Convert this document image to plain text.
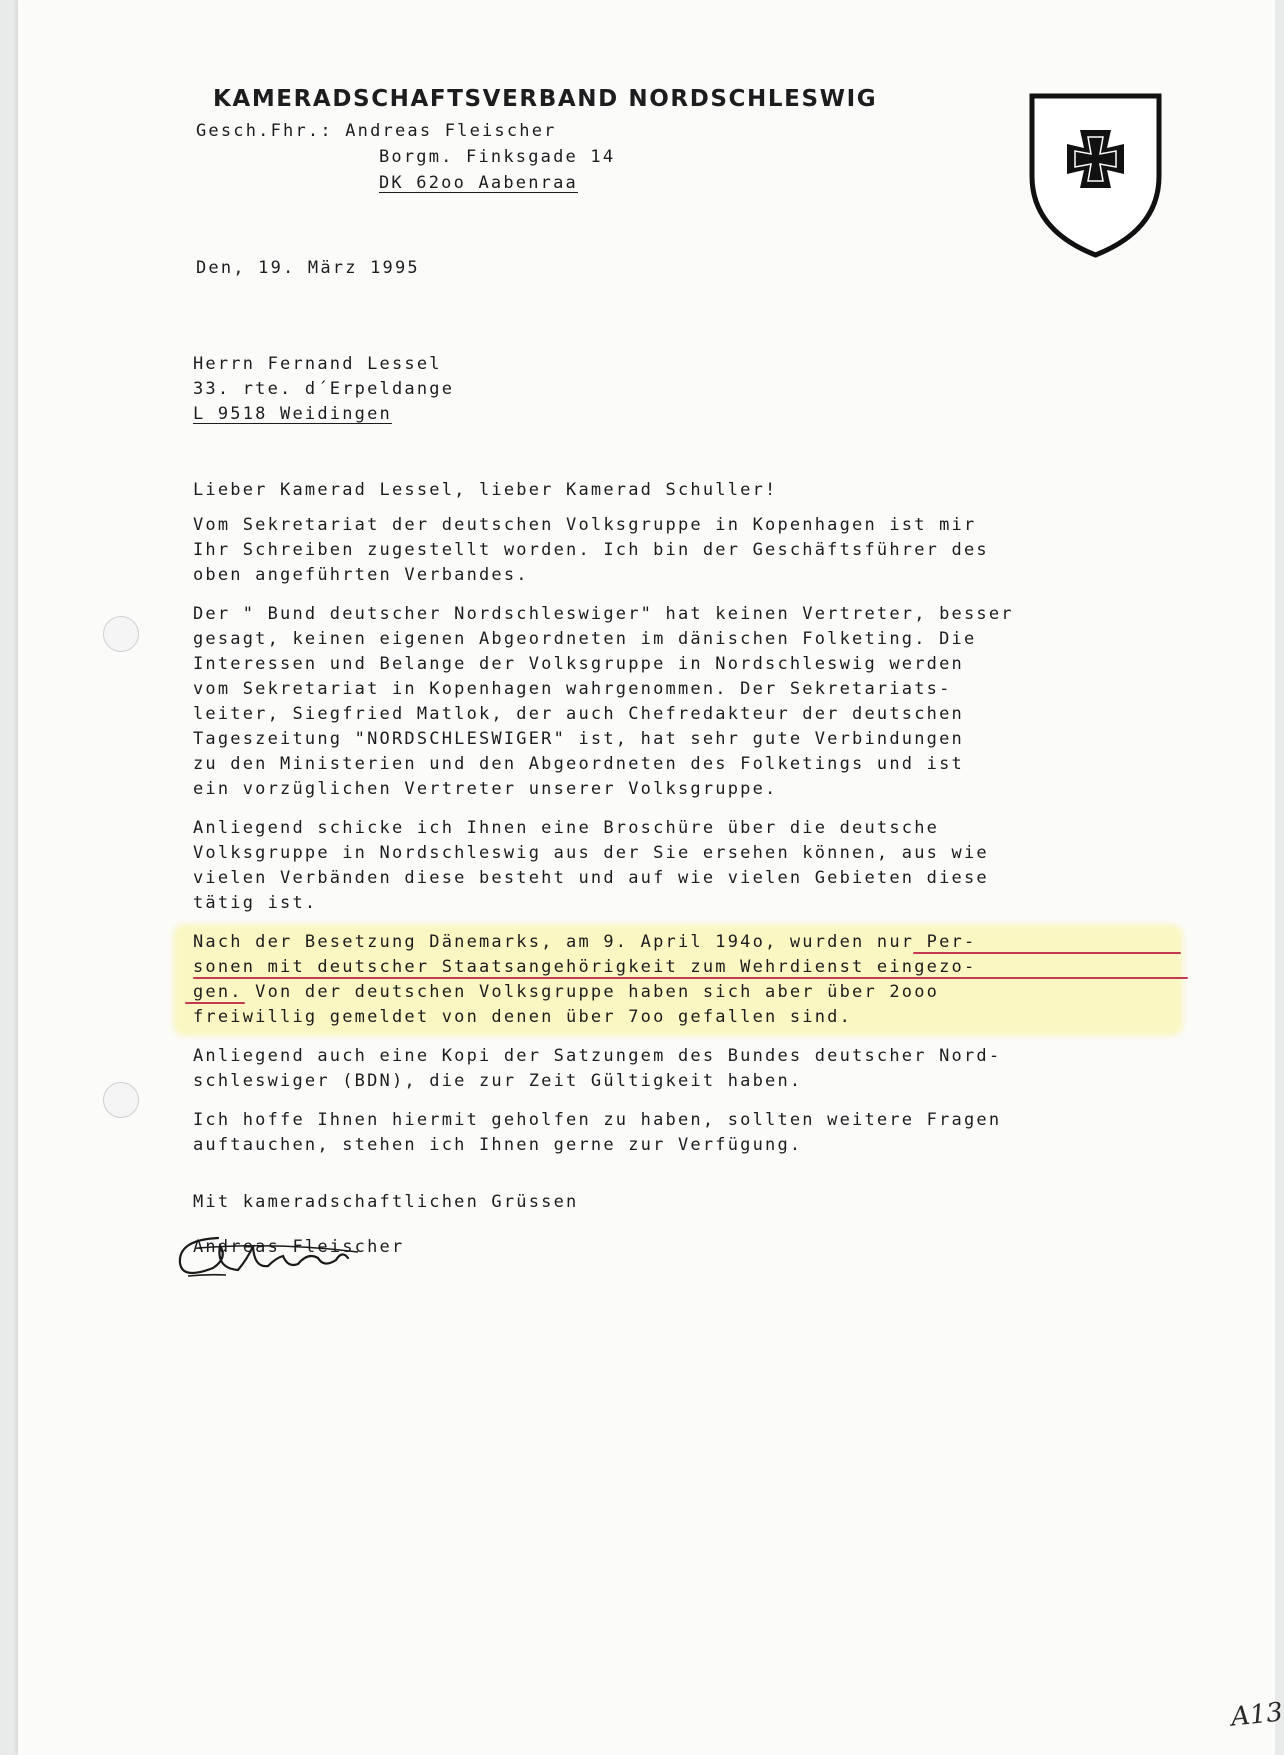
KAMERADSCHAFTSVERBAND NORDSCHLESWIG
Gesch.Fhr.: Andreas Fleischer
Borgm. Finksgade 14
DK 62oo Aabenraa
Den, 19. März 1995
Herrn Fernand Lessel
33. rte. d´Erpeldange
L 9518 Weidingen
Lieber Kamerad Lessel, lieber Kamerad Schuller!
Vom Sekretariat der deutschen Volksgruppe in Kopenhagen ist mir
Ihr Schreiben zugestellt worden. Ich bin der Geschäftsführer des
oben angeführten Verbandes.
Der " Bund deutscher Nordschleswiger" hat keinen Vertreter, besser
gesagt, keinen eigenen Abgeordneten im dänischen Folketing. Die
Interessen und Belange der Volksgruppe in Nordschleswig werden
vom Sekretariat in Kopenhagen wahrgenommen. Der Sekretariats-
leiter, Siegfried Matlok, der auch Chefredakteur der deutschen
Tageszeitung "NORDSCHLESWIGER" ist, hat sehr gute Verbindungen
zu den Ministerien und den Abgeordneten des Folketings und ist
ein vorzüglichen Vertreter unserer Volksgruppe.
Anliegend schicke ich Ihnen eine Broschüre über die deutsche
Volksgruppe in Nordschleswig aus der Sie ersehen können, aus wie
vielen Verbänden diese besteht und auf wie vielen Gebieten diese
tätig ist.
Nach der Besetzung Dänemarks, am 9. April 194o, wurden nur Per-
sonen mit deutscher Staatsangehörigkeit zum Wehrdienst eingezo-
gen. Von der deutschen Volksgruppe haben sich aber über 2ooo
freiwillig gemeldet von denen über 7oo gefallen sind.
Anliegend auch eine Kopi der Satzungem des Bundes deutscher Nord-
schleswiger (BDN), die zur Zeit Gültigkeit haben.
Ich hoffe Ihnen hiermit geholfen zu haben, sollten weitere Fragen
auftauchen, stehen ich Ihnen gerne zur Verfügung.
Mit kameradschaftlichen Grüssen
Andreas Fleischer
A13
